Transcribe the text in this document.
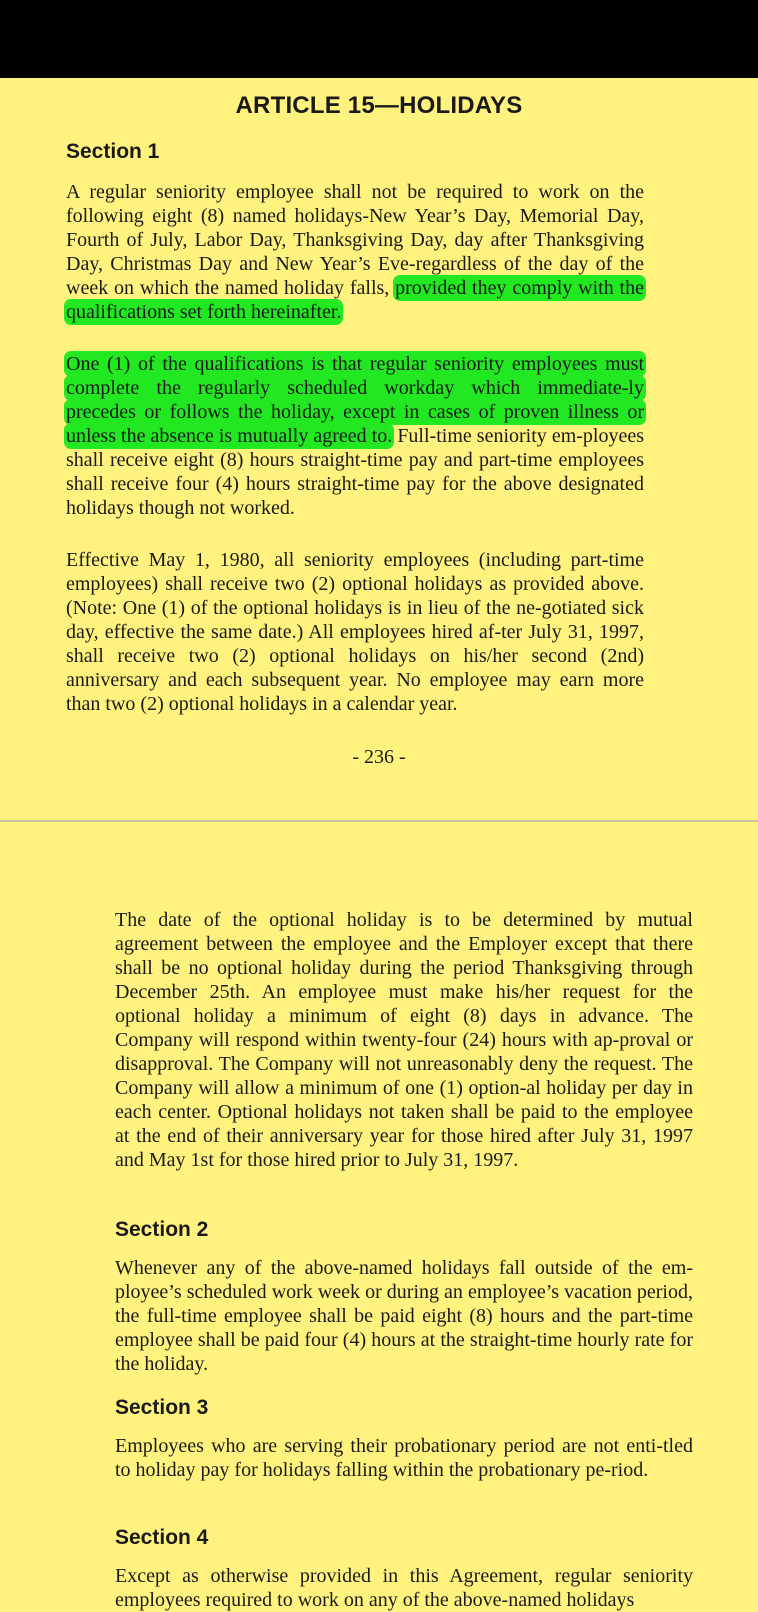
ARTICLE 15—HOLIDAYS
Section 1

A regular seniority employee shall not be required to work on the following eight (8) named holidays-New Year’s Day, Memorial Day, Fourth of July, Labor Day, Thanksgiving Day, day after Thanksgiving Day, Christmas Day and New Year’s Eve-regardless of the day of the week on which the named holiday falls, provided they comply with the qualifications set forth hereinafter.

One (1) of the qualifications is that regular seniority employees must complete the regularly scheduled workday which immediate-ly precedes or follows the holiday, except in cases of proven illness or unless the absence is mutually agreed to. Full-time seniority em-ployees shall receive eight (8) hours straight-time pay and part-time employees shall receive four (4) hours straight-time pay for the above designated holidays though not worked.

Effective May 1, 1980, all seniority employees (including part-time employees) shall receive two (2) optional holidays as provided above. (Note: One (1) of the optional holidays is in lieu of the ne-gotiated sick day, effective the same date.) All employees hired af-ter July 31, 1997, shall receive two (2) optional holidays on his/her second (2nd) anniversary and each subsequent year. No employee may earn more than two (2) optional holidays in a calendar year.

- 236 -

The date of the optional holiday is to be determined by mutual agreement between the employee and the Employer except that there shall be no optional holiday during the period Thanksgiving through December 25th. An employee must make his/her request for the optional holiday a minimum of eight (8) days in advance. The Company will respond within twenty-four (24) hours with ap-proval or disapproval. The Company will not unreasonably deny the request. The Company will allow a minimum of one (1) option-al holiday per day in each center. Optional holidays not taken shall be paid to the employee at the end of their anniversary year for those hired after July 31, 1997 and May 1st for those hired prior to July 31, 1997.

Section 2

Whenever any of the above-named holidays fall outside of the em-ployee’s scheduled work week or during an employee’s vacation period, the full-time employee shall be paid eight (8) hours and the part-time employee shall be paid four (4) hours at the straight-time hourly rate for the holiday.

Section 3

Employees who are serving their probationary period are not enti-tled to holiday pay for holidays falling within the probationary pe-riod.

Section 4

Except as otherwise provided in this Agreement, regular seniority employees required to work on any of the above-named holidays
